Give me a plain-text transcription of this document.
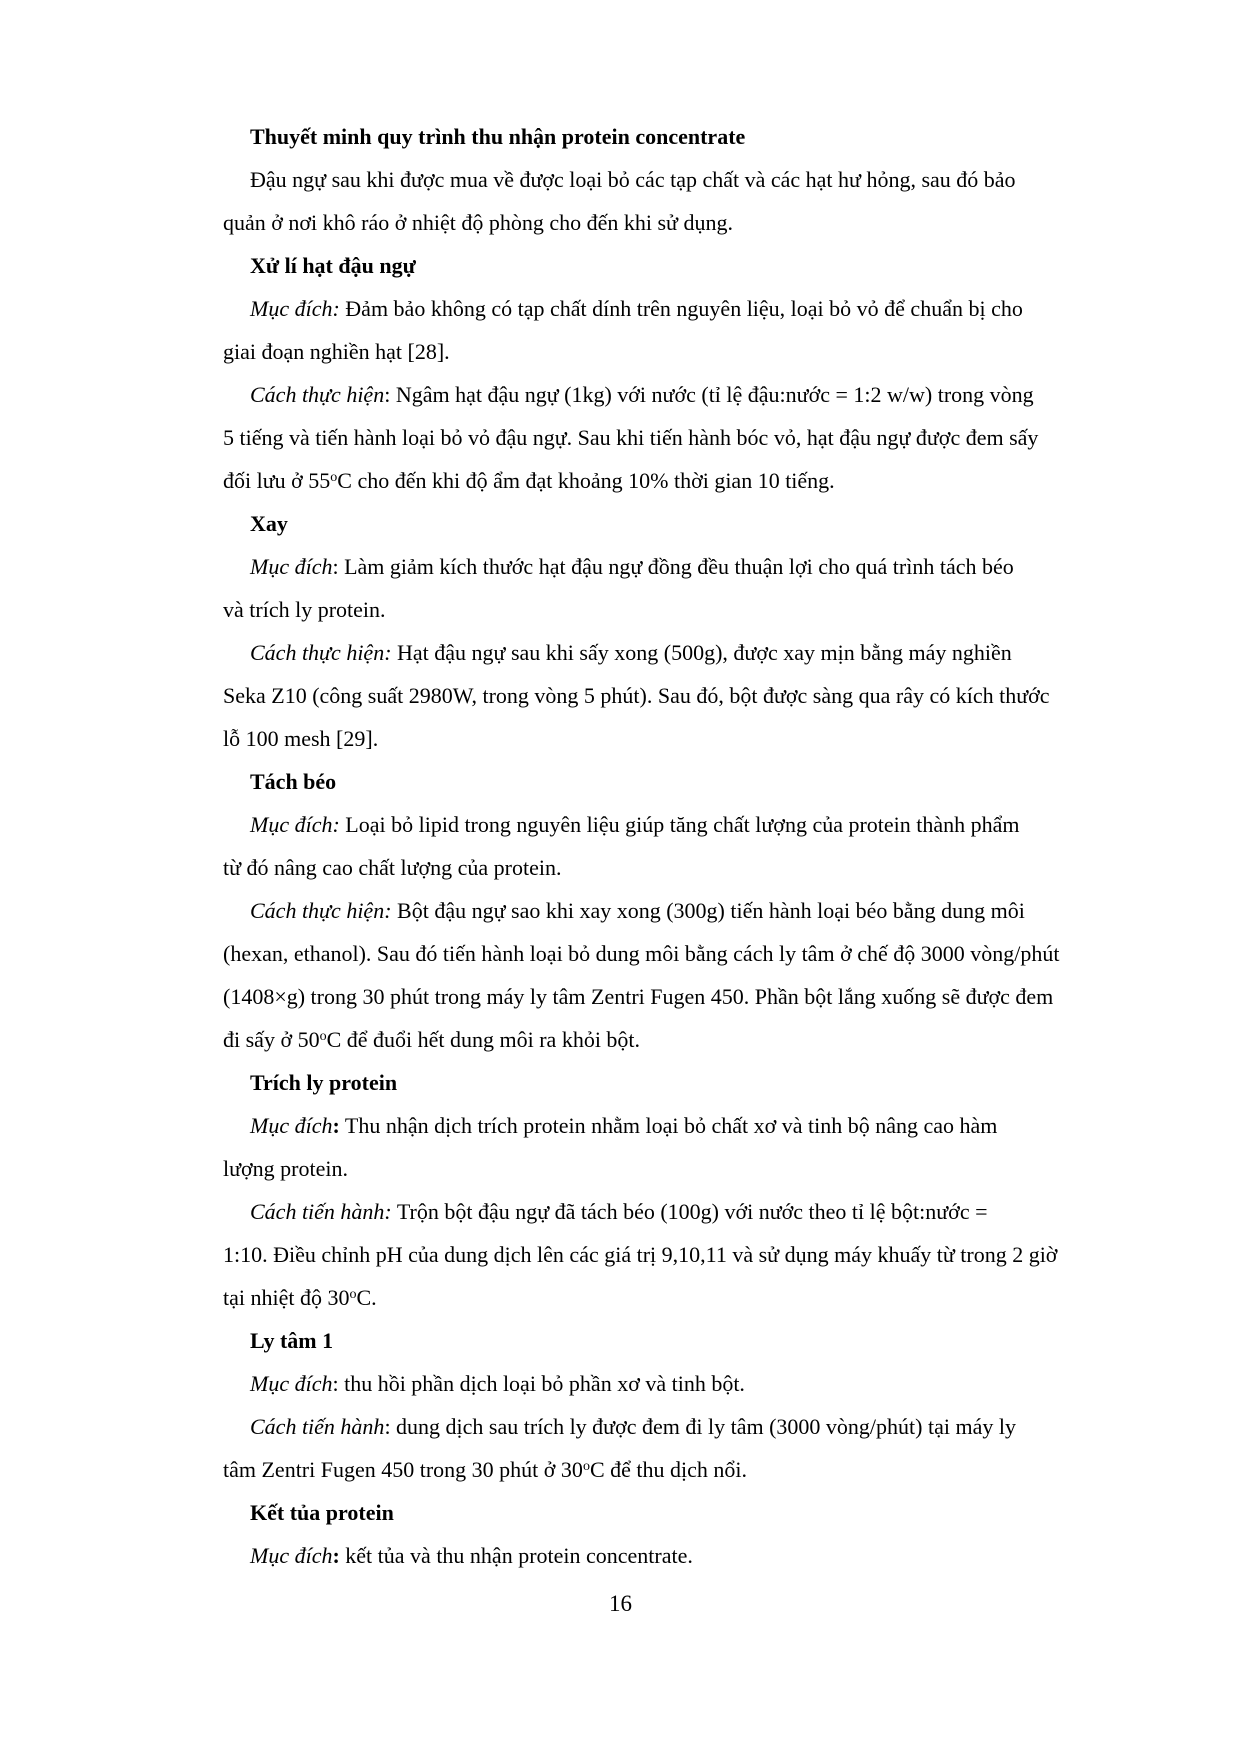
Thuyết minh quy trình thu nhận protein concentrate

Đậu ngự sau khi được mua về được loại bỏ các tạp chất và các hạt hư hỏng, sau đó bảo
quản ở nơi khô ráo ở nhiệt độ phòng cho đến khi sử dụng.

Xử lí hạt đậu ngự

Mục đích: Đảm bảo không có tạp chất dính trên nguyên liệu, loại bỏ vỏ để chuẩn bị cho
giai đoạn nghiền hạt [28].

Cách thực hiện: Ngâm hạt đậu ngự (1kg) với nước (tỉ lệ đậu:nước = 1:2 w/w) trong vòng
5 tiếng và tiến hành loại bỏ vỏ đậu ngự. Sau khi tiến hành bóc vỏ, hạt đậu ngự được đem sấy
đối lưu ở 55$^o$C cho đến khi độ ẩm đạt khoảng 10% thời gian 10 tiếng.

Xay

Mục đích: Làm giảm kích thước hạt đậu ngự đồng đều thuận lợi cho quá trình tách béo
và trích ly protein.

Cách thực hiện: Hạt đậu ngự sau khi sấy xong (500g), được xay mịn bằng máy nghiền
Seka Z10 (công suất 2980W, trong vòng 5 phút). Sau đó, bột được sàng qua rây có kích thước
lỗ 100 mesh [29].

Tách béo

Mục đích: Loại bỏ lipid trong nguyên liệu giúp tăng chất lượng của protein thành phẩm
từ đó nâng cao chất lượng của protein.

Cách thực hiện: Bột đậu ngự sao khi xay xong (300g) tiến hành loại béo bằng dung môi
(hexan, ethanol). Sau đó tiến hành loại bỏ dung môi bằng cách ly tâm ở chế độ 3000 vòng/phút
(1408×g) trong 30 phút trong máy ly tâm Zentri Fugen 450. Phần bột lắng xuống sẽ được đem
đi sấy ở 50$^o$C để đuổi hết dung môi ra khỏi bột.

Trích ly protein

Mục đích: Thu nhận dịch trích protein nhằm loại bỏ chất xơ và tinh bộ nâng cao hàm
lượng protein.

Cách tiến hành: Trộn bột đậu ngự đã tách béo (100g) với nước theo tỉ lệ bột:nước =
1:10. Điều chỉnh pH của dung dịch lên các giá trị 9,10,11 và sử dụng máy khuấy từ trong 2 giờ
tại nhiệt độ 30$^o$C.

Ly tâm 1

Mục đích: thu hồi phần dịch loại bỏ phần xơ và tinh bột.

Cách tiến hành: dung dịch sau trích ly được đem đi ly tâm (3000 vòng/phút) tại máy ly
tâm Zentri Fugen 450 trong 30 phút ở 30$^o$C để thu dịch nổi.

Kết tủa protein

Mục đích: kết tủa và thu nhận protein concentrate.

16
